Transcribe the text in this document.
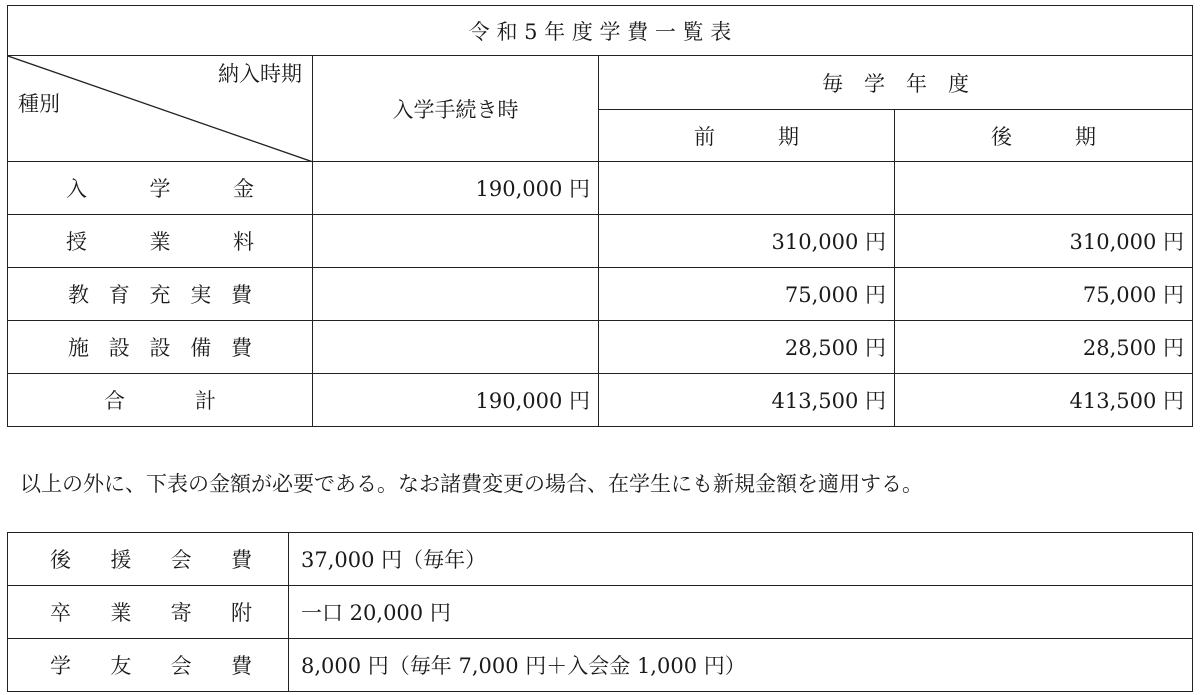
令 和 5 年 度 学 費 一 覧 表			

納入時期
種別	入学手続き時	毎　学　年　度	
		前　　　期	後　　　期

入 学 金	190,000 円		

授 業 料		310,000 円	310,000 円

教 育 充 実 費		75,000 円	75,000 円

施 設 設 備 費		28,500 円	28,500 円

合 計	190,000 円	413,500 円	413,500 円
以上の外に、下表の金額が必要である。なお諸費変更の場合、在学生にも新規金額を適用する。
後 援 会 費	37,000 円（毎年）

卒 業 寄 附	一口 20,000 円

学 友 会 費	8,000 円（毎年 7,000 円＋入会金 1,000 円）
